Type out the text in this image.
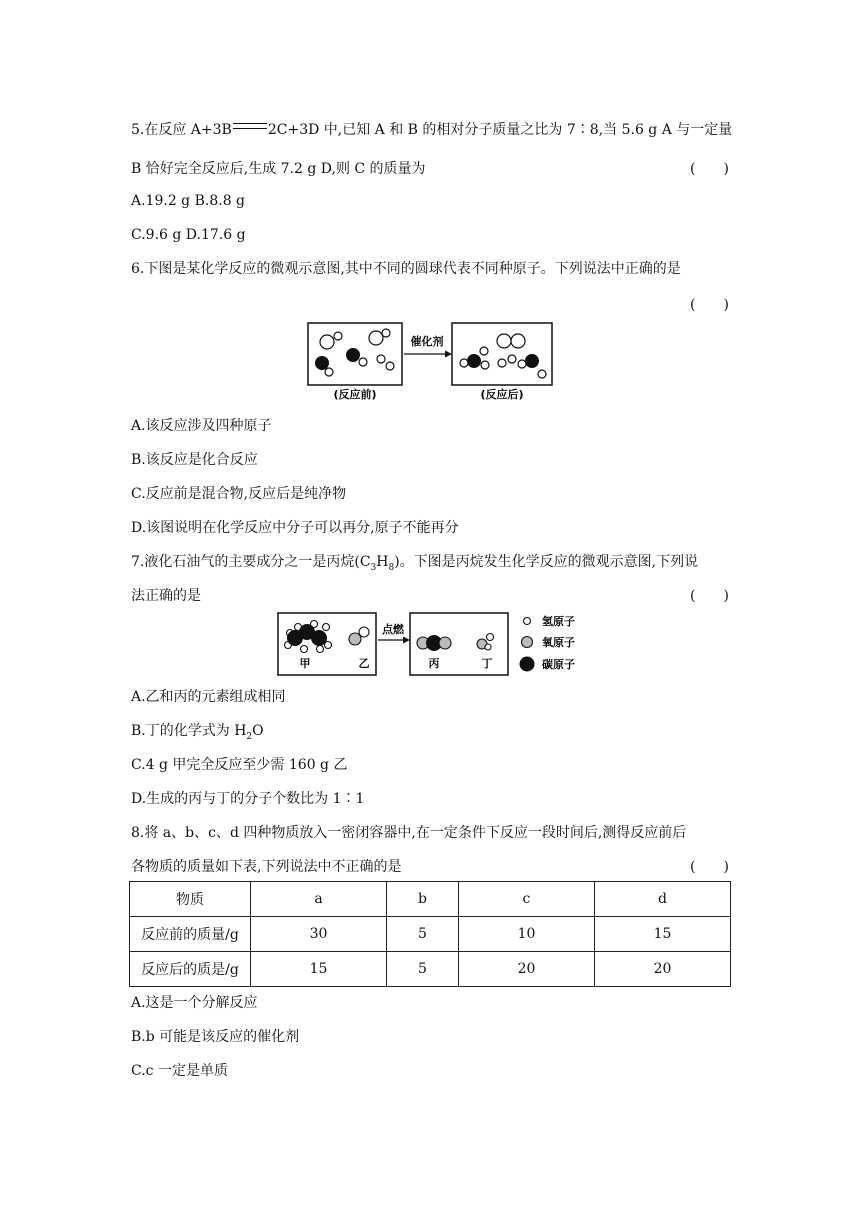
5.在反应 A+3B	2C+3D 中,已知 A 和 B 的相对分子质量之比为 7∶8,当 5.6 g A 与一定量
B 恰好完全反应后,生成 7.2 g D,则 C 的质量为	(　　)
A.19.2 g B.8.8 g
C.9.6 g D.17.6 g
6.下图是某化学反应的微观示意图,其中不同的圆球代表不同种原子。下列说法中正确的是
(　　)
催化剂
(反应前)	(反应后)
A.该反应涉及四种原子
B.该反应是化合反应
C.反应前是混合物,反应后是纯净物
D.该图说明在化学反应中分子可以再分,原子不能再分
7.液化石油气的主要成分之一是丙烷$(C_3H_8)$。下图是丙烷发生化学反应的微观示意图,下列说
法正确的是	(　　)
甲	乙
点燃
丙	丁
氢原子
氧原子
碳原子
A.乙和丙的元素组成相同
B.丁的化学式为 $H_2O$
C.4 g 甲完全反应至少需 160 g 乙
D.生成的丙与丁的分子个数比为 1∶1
8.将 a、b、c、d 四种物质放入一密闭容器中,在一定条件下反应一段时间后,测得反应前后
各物质的质量如下表,下列说法中不正确的是	(　　)
物质	a	b	c	d
反应前的质量/g	30	5	10	15
反应后的质是/g	15	5	20	20
A.这是一个分解反应
B.b 可能是该反应的催化剂
C.c 一定是单质
